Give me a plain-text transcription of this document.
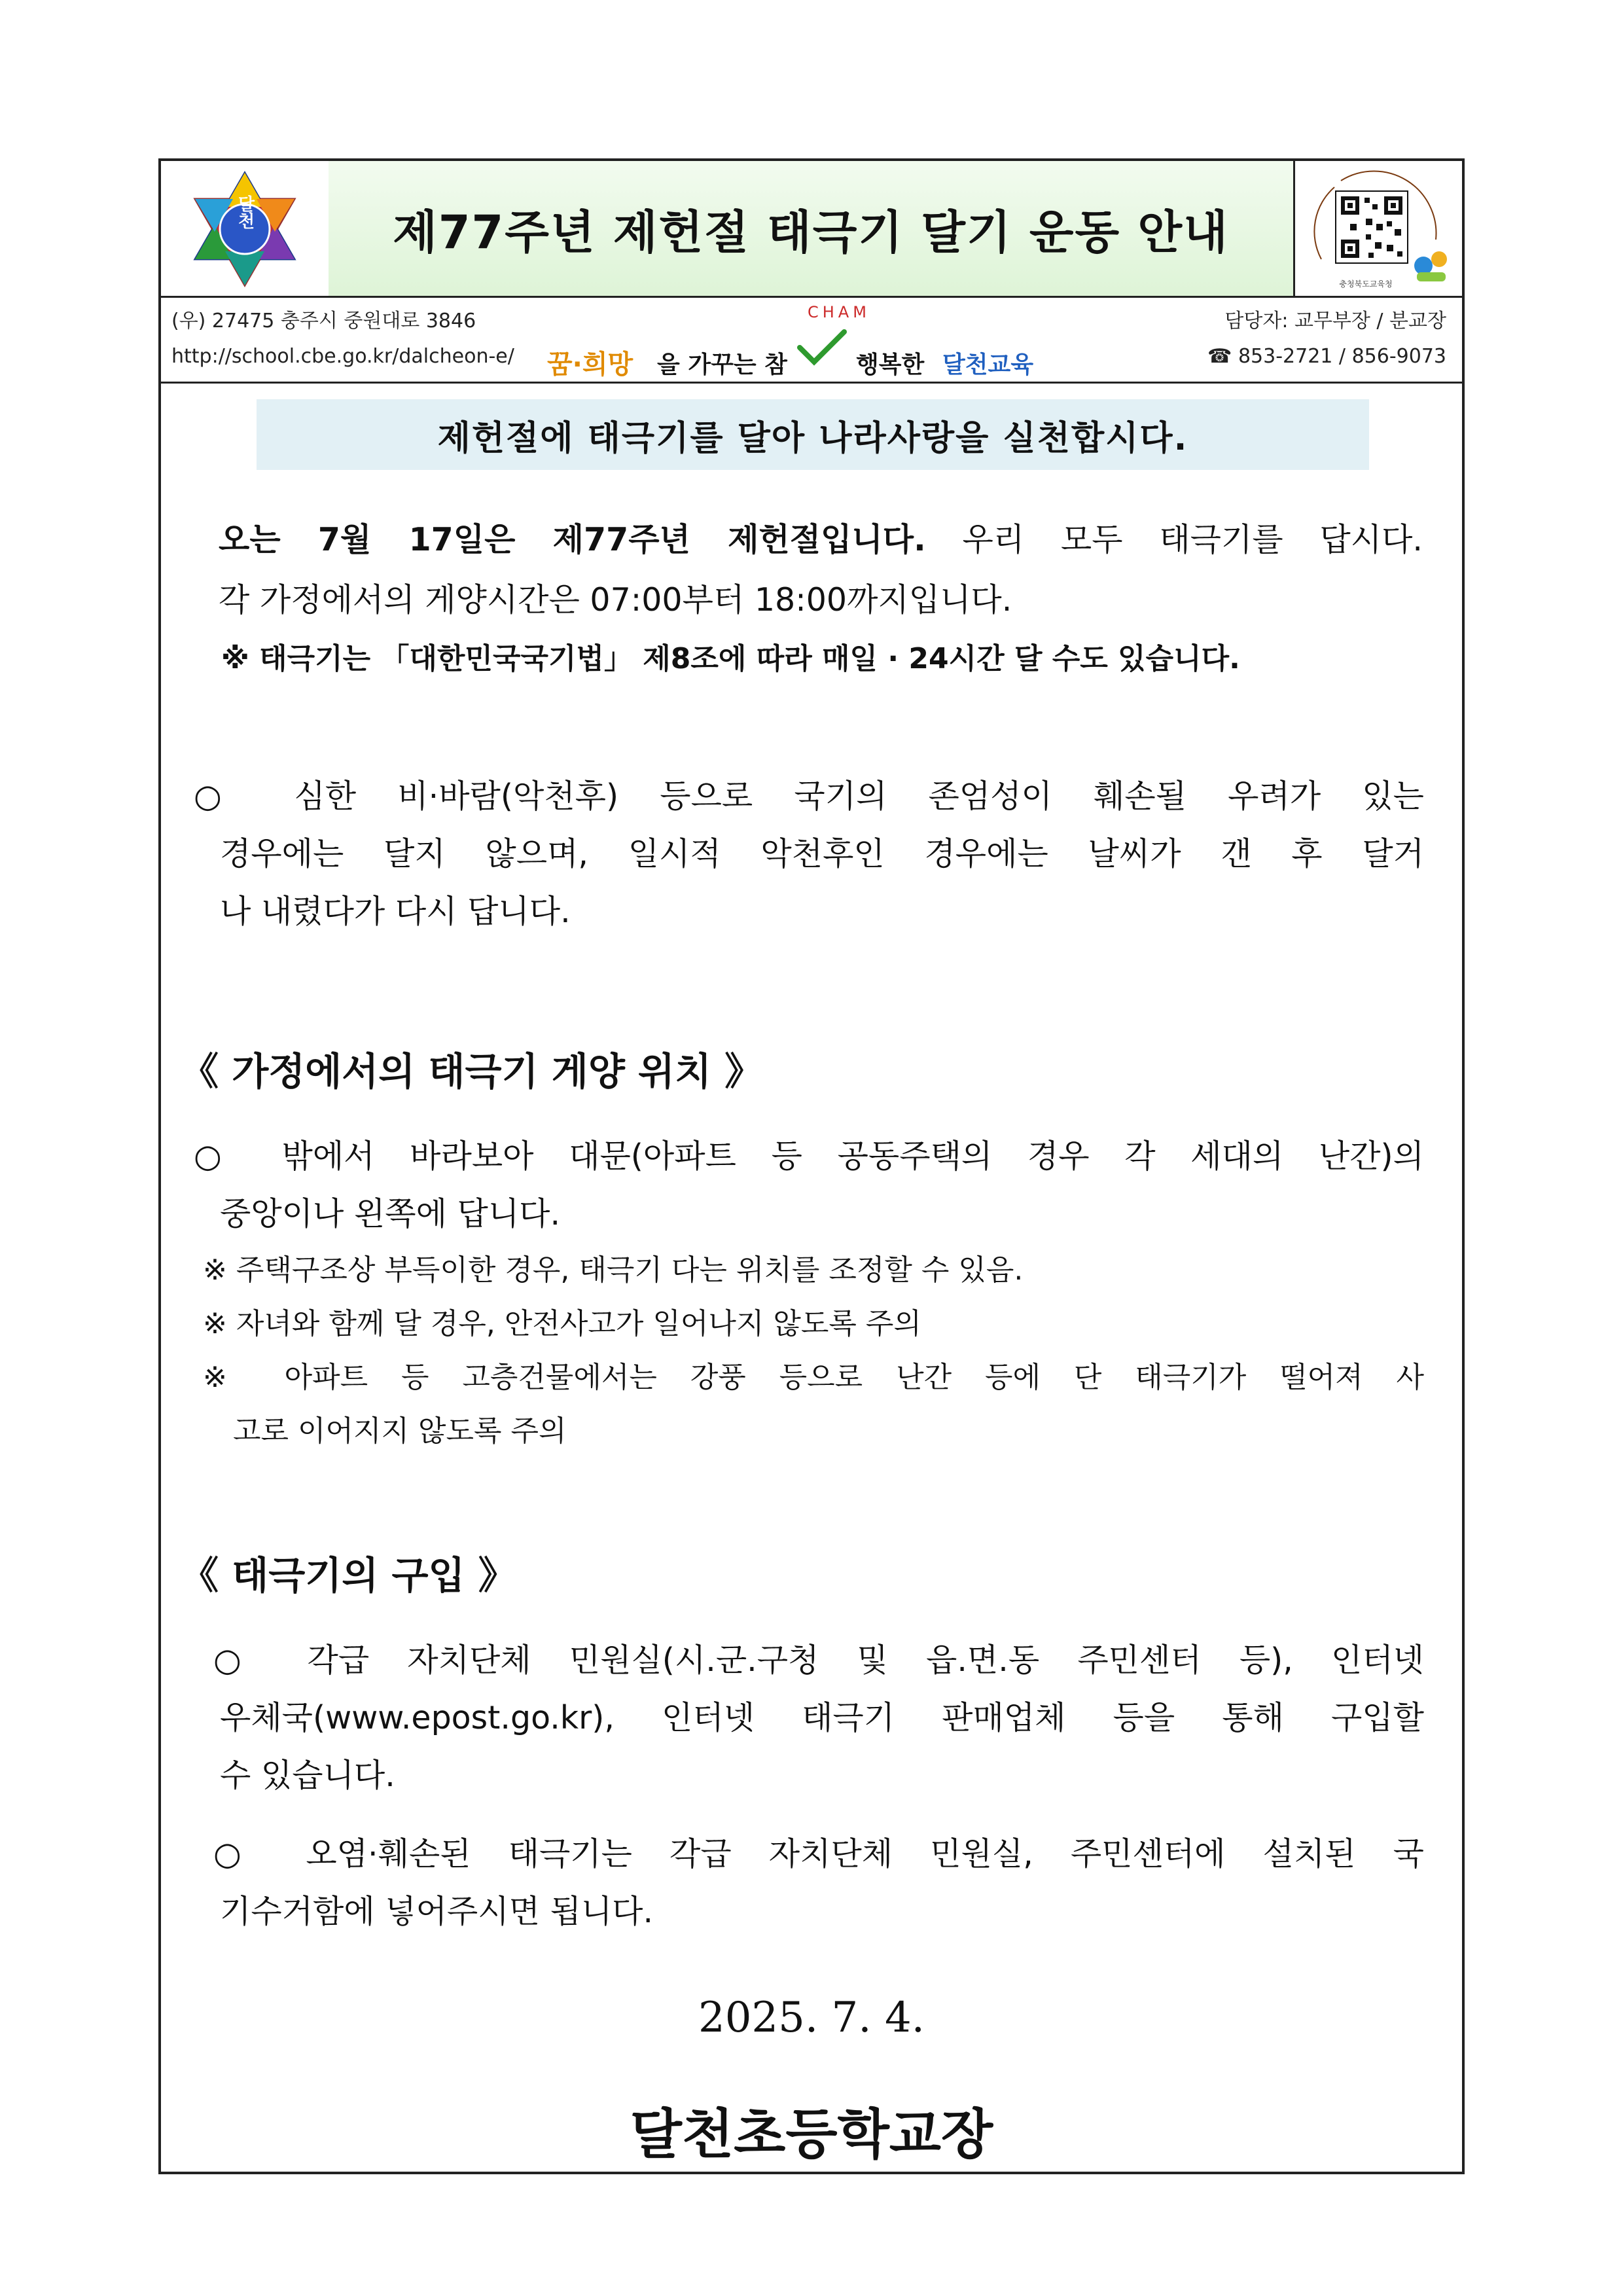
달천	제77주년 제헌절 태극기 달기 운동 안내
충청북도교육청
(우) 27475 충주시 중원대로 3846
http://school.cbe.go.kr/dalcheon-e/
담당자: 교무부장 / 분교장
☎ 853-2721 / 856-9073
꿈·희망 을 가꾸는 참
CHAM
행복한 달천교육
제헌절에 태극기를 달아 나라사랑을 실천합시다.
오는 7월 17일은 제77주년 제헌절입니다. 우리 모두 태극기를 답시다.
각 가정에서의 게양시간은 07:00부터 18:00까지입니다.
※ 태극기는 「대한민국국기법」 제8조에 따라 매일 · 24시간 달 수도 있습니다.
○ 심한 비·바람(악천후) 등으로 국기의 존엄성이 훼손될 우려가 있는
경우에는 달지 않으며, 일시적 악천후인 경우에는 날씨가 갠 후 달거
나 내렸다가 다시 답니다.
《 가정에서의 태극기 게양 위치 》
○ 밖에서 바라보아 대문(아파트 등 공동주택의 경우 각 세대의 난간)의
중앙이나 왼쪽에 답니다.
※ 주택구조상 부득이한 경우, 태극기 다는 위치를 조정할 수 있음.
※ 자녀와 함께 달 경우, 안전사고가 일어나지 않도록 주의
※ 아파트 등 고층건물에서는 강풍 등으로 난간 등에 단 태극기가 떨어져 사
고로 이어지지 않도록 주의
《 태극기의 구입 》
○ 각급 자치단체 민원실(시.군.구청 및 읍.면.동 주민센터 등), 인터넷
우체국(www.epost.go.kr), 인터넷 태극기 판매업체 등을 통해 구입할
수 있습니다.
○ 오염·훼손된 태극기는 각급 자치단체 민원실, 주민센터에 설치된 국
기수거함에 넣어주시면 됩니다.
2025. 7. 4.
달천초등학교장
